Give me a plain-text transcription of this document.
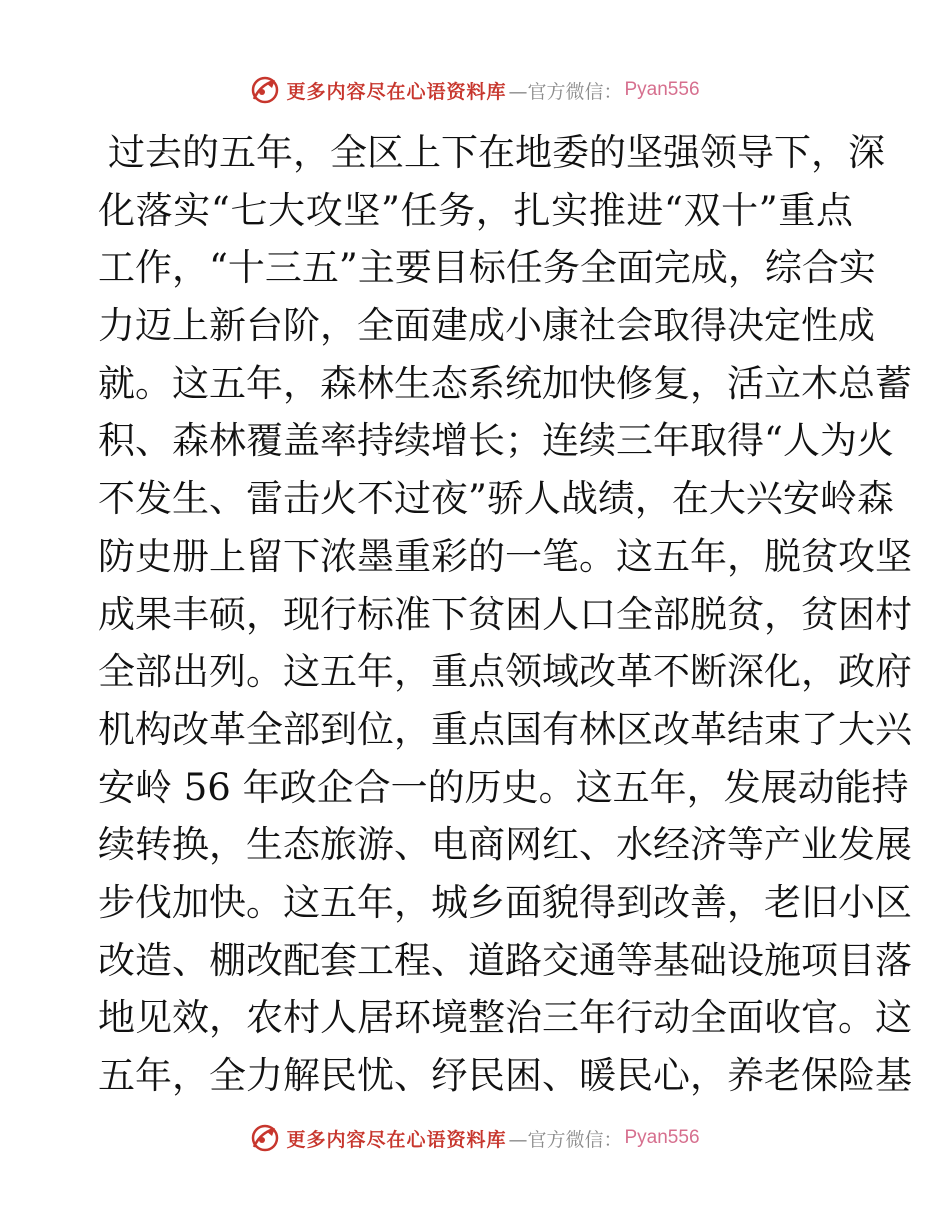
更多内容尽在心语资料库 —官方微信： Pyan556
过去的五年，全区上下在地委的坚强领导下，深
化落实“七大攻坚”任务，扎实推进“双十”重点
工作，“十三五”主要目标任务全面完成，综合实
力迈上新台阶，全面建成小康社会取得决定性成
就。这五年，森林生态系统加快修复，活立木总蓄
积、森林覆盖率持续增长；连续三年取得“人为火
不发生、雷击火不过夜”骄人战绩，在大兴安岭森
防史册上留下浓墨重彩的一笔。这五年，脱贫攻坚
成果丰硕，现行标准下贫困人口全部脱贫，贫困村
全部出列。这五年，重点领域改革不断深化，政府
机构改革全部到位，重点国有林区改革结束了大兴
安岭 56 年政企合一的历史。这五年，发展动能持
续转换，生态旅游、电商网红、水经济等产业发展
步伐加快。这五年，城乡面貌得到改善，老旧小区
改造、棚改配套工程、道路交通等基础设施项目落
地见效，农村人居环境整治三年行动全面收官。这
五年，全力解民忧、纾民困、暖民心，养老保险基
更多内容尽在心语资料库 —官方微信： Pyan556
